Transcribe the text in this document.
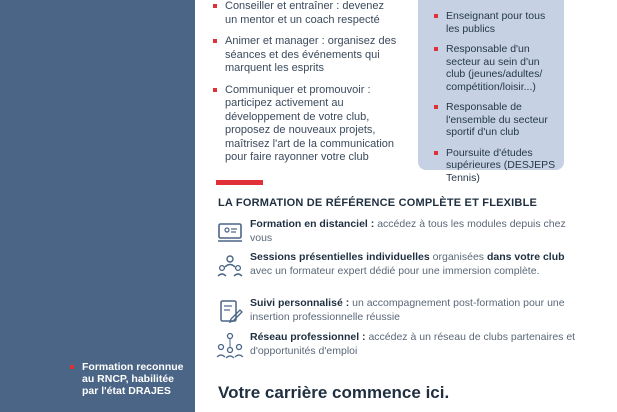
Formation reconnue au RNCP, habilitée par l'état DRAJES
Conseiller et entraîner : devenez un mentor et un coach respecté
Animer et manager : organisez des séances et des événements qui marquent les esprits
Communiquer et promouvoir : participez activement au développement de votre club, proposez de nouveaux projets, maîtrisez l'art de la communication pour faire rayonner votre club
Enseignant pour tous les publics
Responsable d'un secteur au sein d'un club (jeunes/adultes/ compétition/loisir...)
Responsable de l'ensemble du secteur sportif d'un club
Poursuite d'études supérieures (DESJEPS Tennis)
LA FORMATION DE RÉFÉRENCE COMPLÈTE ET FLEXIBLE
Formation en distanciel : accédez à tous les modules depuis chez vous
Sessions présentielles individuelles organisées dans votre club avec un formateur expert dédié pour une immersion complète.
Suivi personnalisé : un accompagnement post-formation pour une insertion professionnelle réussie
Réseau professionnel : accédez à un réseau de clubs partenaires et d'opportunités d'emploi
Votre carrière commence ici.
